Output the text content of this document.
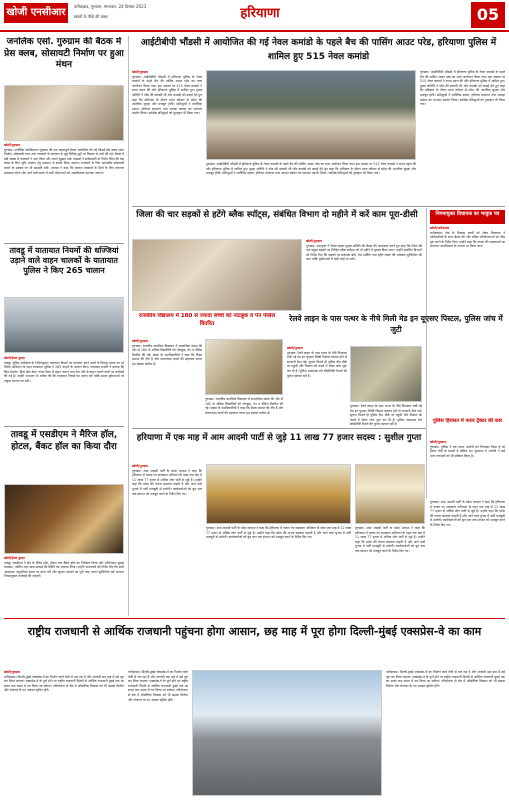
खोजी एनसीआर
फरीदाबाद, गुरुग्राम, मंगलवार, 24 दिसंबर 2023
खबरों के पीछे की खबर	हरियाणा	05
जनलिंक एसो. गुरुग्राम की बैठक में प्रेस क्लब, सोसायटी निर्माण पर हुआ मंथन
खोजी/गुरुग्राम

गुरुग्राम। जर्नलिंक एसोसिएशन गुरुग्राम की एक महत्वपूर्ण बैठक आयोजित की गई जिसमें प्रेस क्लब भवन निर्माण, सोसायटी गठन तथा पत्रकारों के कल्याण से जुड़े विभिन्न मुद्दों पर विस्तार से चर्चा की गई। बैठक में बड़ी संख्या में पत्रकारों ने भाग लिया और अपने सुझाव रखे। सदस्यों ने सर्वसम्मति से निर्णय लिया कि प्रेस क्लब के लिए भूमि आवंटन हेतु प्रशासन से संपर्क किया जाएगा। पत्रकारों के लिए आवासीय सोसायटी बनाने के प्रस्ताव पर भी सहमति बनी। अध्यक्ष ने कहा कि संगठन पत्रकारों के हितों के लिए लगातार प्रयासरत रहेगा और आने वाले समय में सभी योजनाओं को अमलीजामा पहनाया जाएगा।

तावडू में यातायात नियमों की धज्जियां उड़ाने वाले वाहन चालकों के यातायात पुलिस ने किए 265 चालान
खोजी/हेमंत कुमार

तावडू। पुलिस अधीक्षक के निर्देशानुसार यातायात नियमों का उल्लंघन करने वालों के विरुद्ध चलाए जा रहे विशेष अभियान के तहत यातायात पुलिस ने 265 वाहनों के चालान किए। यातायात प्रभारी ने बताया कि बिना हेलमेट, बिना सीट बेल्ट, गलत दिशा में वाहन चलाने तथा तेज गति से वाहन चलाने वालों पर कार्रवाई की गई है। उन्होंने आमजन से अपील की कि यातायात नियमों का पालन करें ताकि सड़क दुर्घटनाओं पर अंकुश लगाया जा सके।

तावडू में एसडीएम ने मैरिज हॉल, होटल, बैंकट हॉल का किया दौरा
खोजी/हेमंत कुमार

तावडू। एसडीएम ने क्षेत्र के मैरिज हॉल, होटल तथा बैंकट हॉल का निरीक्षण किया और अग्निशमन सुरक्षा व्यवस्था, पार्किंग तथा साफ-सफाई की स्थिति का जायजा लिया। उन्होंने संचालकों को निर्देश दिए कि सभी आवश्यक अनुमतियां समय पर प्राप्त करें और सुरक्षा मानकों का पूरी तरह पालन सुनिश्चित करें अन्यथा नियमानुसार कार्रवाई की जाएगी।

आईटीबीपी भौंडसी में आयोजित की गई नेवल कमांडो के पहले बैच की पासिंग आउट परेड, हरियाणा पुलिस में शामिल हुए 515 नेवल कमांडो
खोजी/गुरुग्राम

गुरुग्राम। आईटीबीपी भौंडसी में हरियाणा पुलिस के नेवल कमांडो के पहले बैच की पासिंग आउट परेड का भव्य आयोजन किया गया। इस अवसर पर 515 नेवल कमांडो ने शपथ ग्रहण की और हरियाणा पुलिस में शामिल हुए। मुख्य अतिथि ने परेड की सलामी ली और कमांडो को बधाई देते हुए कहा कि प्रशिक्षण के दौरान प्राप्त कौशल से प्रदेश की आंतरिक सुरक्षा और मजबूत होगी। प्रशिक्षुओं ने शारीरिक दक्षता, हथियार संचालन तथा आपदा प्रबंधन का शानदार प्रदर्शन किया। सर्वश्रेष्ठ प्रशिक्षुओं को पुरस्कृत भी किया गया।

गुरुग्राम। आईटीबीपी भौंडसी में हरियाणा पुलिस के नेवल कमांडो के पहले बैच की पासिंग आउट परेड का भव्य आयोजन किया गया। इस अवसर पर 515 नेवल कमांडो ने शपथ ग्रहण की और हरियाणा पुलिस में शामिल हुए। मुख्य अतिथि ने परेड की सलामी ली और कमांडो को बधाई देते हुए कहा कि प्रशिक्षण के दौरान प्राप्त कौशल से प्रदेश की आंतरिक सुरक्षा और मजबूत होगी। प्रशिक्षुओं ने शारीरिक दक्षता, हथियार संचालन तथा आपदा प्रबंधन का शानदार प्रदर्शन किया। सर्वश्रेष्ठ प्रशिक्षुओं को पुरस्कृत भी किया गया।

गुरुग्राम। आईटीबीपी भौंडसी में हरियाणा पुलिस के नेवल कमांडो के पहले बैच की पासिंग आउट परेड का भव्य आयोजन किया गया। इस अवसर पर 515 नेवल कमांडो ने शपथ ग्रहण की और हरियाणा पुलिस में शामिल हुए। मुख्य अतिथि ने परेड की सलामी ली और कमांडो को बधाई देते हुए कहा कि प्रशिक्षण के दौरान प्राप्त कौशल से प्रदेश की आंतरिक सुरक्षा और मजबूत होगी। प्रशिक्षुओं ने शारीरिक दक्षता, हथियार संचालन तथा आपदा प्रबंधन का शानदार प्रदर्शन किया। सर्वश्रेष्ठ प्रशिक्षुओं को पुरस्कृत भी किया गया।

जिला की चार सड़कों से हटेंगे ब्लैक स्पॉट्स, संबंधित विभाग दो महीने में करें काम पूरा-डीसी
खोजी/गुरुग्राम

गुरुग्राम। उपायुक्त ने जिला सड़क सुरक्षा समिति की बैठक की अध्यक्षता करते हुए कहा कि जिला की चार प्रमुख सड़कों पर चिन्हित ब्लैक स्पॉट्स को दो महीने में दुरुस्त किया जाए। उन्होंने संबंधित विभागों को निर्देश दिए कि सड़कों पर संकेतक बोर्ड, रोड मार्किंग तथा स्ट्रीट लाइट की व्यवस्था सुनिश्चित की जाए ताकि दुर्घटनाओं में कमी लाई जा सके।

निगमायुक्त विधायक का भावुक पत्र
खोजी/फरीदाबाद

फरीदाबाद। क्षेत्र के विकास कार्यों को लेकर विधायक ने अधिकारियों के साथ बैठक की और लंबित परियोजनाओं को शीघ्र पूरा करने के निर्देश दिए। उन्होंने कहा कि जनता की समस्याओं का समाधान प्राथमिकता के आधार पर किया जाए।

राजकीय विद्यालय में 180 से ज्यादा बच्चों को नोटबुक व पेन पेंसिल वितरित
खोजी/गुरुग्राम

गुरुग्राम। राजकीय प्राथमिक विद्यालय में सामाजिक संस्था की ओर से 180 से अधिक विद्यार्थियों को नोटबुक, पेन व पेंसिल वितरित की गई। संस्था के पदाधिकारियों ने कहा कि शिक्षा समाज की नींव है और जरूरतमंद बच्चों की सहायता करना हम सबका कर्तव्य है।

गुरुग्राम। राजकीय प्राथमिक विद्यालय में सामाजिक संस्था की ओर से 180 से अधिक विद्यार्थियों को नोटबुक, पेन व पेंसिल वितरित की गई। संस्था के पदाधिकारियों ने कहा कि शिक्षा समाज की नींव है और जरूरतमंद बच्चों की सहायता करना हम सबका कर्तव्य है।

रेलवे लाइन के पास पत्थर के नीचे मिली मेड इन यूएसए पिस्टल, पुलिस जांच में जुटी
खोजी/गुरुग्राम

गुरुग्राम। रेलवे लाइन के पास पत्थर के नीचे छिपाकर रखी गई मेड इन यूएसए लिखी पिस्टल बरामद होने से सनसनी फैल गई। सूचना मिलते ही पुलिस टीम मौके पर पहुंची और पिस्टल को कब्जे में लेकर जांच शुरू कर दी है। पुलिस आसपास लगे सीसीटीवी कैमरों की फुटेज खंगाल रही है।

गुरुग्राम। रेलवे लाइन के पास पत्थर के नीचे छिपाकर रखी गई मेड इन यूएसए लिखी पिस्टल बरामद होने से सनसनी फैल गई। सूचना मिलते ही पुलिस टीम मौके पर पहुंची और पिस्टल को कब्जे में लेकर जांच शुरू कर दी है। पुलिस आसपास लगे सीसीटीवी कैमरों की फुटेज खंगाल रही है।

पुलिस हिरासत में फरार ट्रैक्टर की कार
खोजी/गुरुग्राम

गुरुग्राम। पुलिस ने एक फरार आरोपी को गिरफ्तार किया है जो ट्रैक्टर चोरी के मामले में वांछित था। पूछताछ में आरोपी ने कई अन्य वारदातों को भी स्वीकार किया है।

हरियाणा में एक माह में आम आदमी पार्टी से जुड़े 11 लाख 77 हजार सदस्य : सुशील गुप्ता
खोजी/गुरुग्राम

गुरुग्राम। आम आदमी पार्टी के प्रदेश अध्यक्ष ने कहा कि हरियाणा में चलाए गए सदस्यता अभियान के तहत एक माह में 11 लाख 77 हजार से अधिक लोग पार्टी से जुड़े हैं। उन्होंने कहा कि प्रदेश की जनता बदलाव चाहती है और आने वाले चुनाव में पार्टी मजबूती से उतरेगी। कार्यकर्ताओं को बूथ स्तर तक संगठन को मजबूत करने के निर्देश दिए गए।

गुरुग्राम। आम आदमी पार्टी के प्रदेश अध्यक्ष ने कहा कि हरियाणा में चलाए गए सदस्यता अभियान के तहत एक माह में 11 लाख 77 हजार से अधिक लोग पार्टी से जुड़े हैं। उन्होंने कहा कि प्रदेश की जनता बदलाव चाहती है और आने वाले चुनाव में पार्टी मजबूती से उतरेगी। कार्यकर्ताओं को बूथ स्तर तक संगठन को मजबूत करने के निर्देश दिए गए।

गुरुग्राम। आम आदमी पार्टी के प्रदेश अध्यक्ष ने कहा कि हरियाणा में चलाए गए सदस्यता अभियान के तहत एक माह में 11 लाख 77 हजार से अधिक लोग पार्टी से जुड़े हैं। उन्होंने कहा कि प्रदेश की जनता बदलाव चाहती है और आने वाले चुनाव में पार्टी मजबूती से उतरेगी। कार्यकर्ताओं को बूथ स्तर तक संगठन को मजबूत करने के निर्देश दिए गए।

गुरुग्राम। आम आदमी पार्टी के प्रदेश अध्यक्ष ने कहा कि हरियाणा में चलाए गए सदस्यता अभियान के तहत एक माह में 11 लाख 77 हजार से अधिक लोग पार्टी से जुड़े हैं। उन्होंने कहा कि प्रदेश की जनता बदलाव चाहती है और आने वाले चुनाव में पार्टी मजबूती से उतरेगी। कार्यकर्ताओं को बूथ स्तर तक संगठन को मजबूत करने के निर्देश दिए गए।

राष्ट्रीय राजधानी से आर्थिक राजधानी पहुंचना होगा आसान, छह माह में पूरा होगा दिल्ली-मुंबई एक्सप्रेस-वे का काम
खोजी/गुरुग्राम

फरीदाबाद। दिल्ली-मुंबई एक्सप्रेस-वे का निर्माण कार्य तेजी से चल रहा है और आगामी छह माह में इसे पूरा कर लिया जाएगा। एक्सप्रेस-वे के पूर्ण होने पर राष्ट्रीय राजधानी दिल्ली से आर्थिक राजधानी मुंबई तक का सफर कम समय में तय किया जा सकेगा। परियोजना से क्षेत्र में औद्योगिक विकास को भी बढ़ावा मिलेगा और रोजगार के नए अवसर सृजित होंगे।

फरीदाबाद। दिल्ली-मुंबई एक्सप्रेस-वे का निर्माण कार्य तेजी से चल रहा है और आगामी छह माह में इसे पूरा कर लिया जाएगा। एक्सप्रेस-वे के पूर्ण होने पर राष्ट्रीय राजधानी दिल्ली से आर्थिक राजधानी मुंबई तक का सफर कम समय में तय किया जा सकेगा। परियोजना से क्षेत्र में औद्योगिक विकास को भी बढ़ावा मिलेगा और रोजगार के नए अवसर सृजित होंगे।

फरीदाबाद। दिल्ली-मुंबई एक्सप्रेस-वे का निर्माण कार्य तेजी से चल रहा है और आगामी छह माह में इसे पूरा कर लिया जाएगा। एक्सप्रेस-वे के पूर्ण होने पर राष्ट्रीय राजधानी दिल्ली से आर्थिक राजधानी मुंबई तक का सफर कम समय में तय किया जा सकेगा। परियोजना से क्षेत्र में औद्योगिक विकास को भी बढ़ावा मिलेगा और रोजगार के नए अवसर सृजित होंगे।
